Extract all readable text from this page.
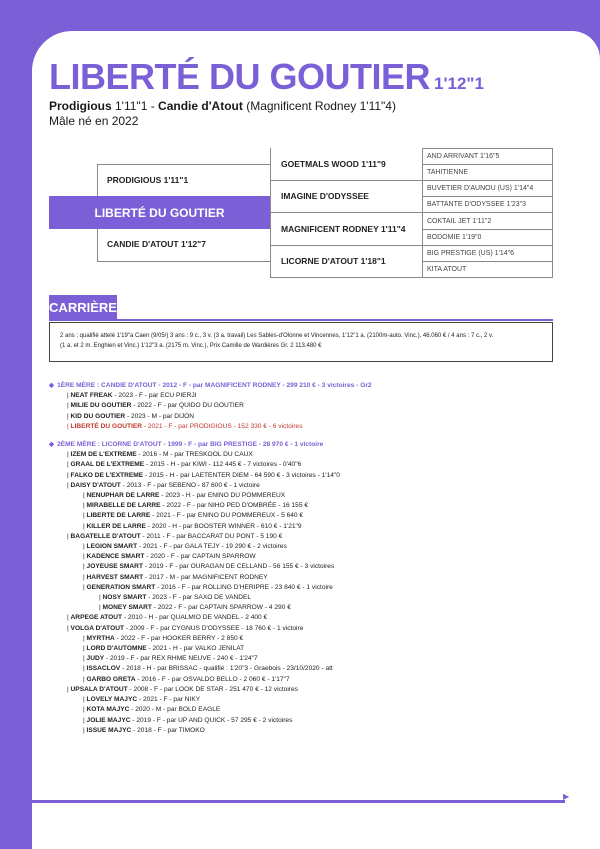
LIBERTÉ DU GOUTIER 1'12"1
Prodigious 1'11"1 - Candie d'Atout (Magnificent Rodney 1'11"4)
Mâle né en 2022
PRODIGIOUS 1'11"1
LIBERTÉ DU GOUTIER
CANDIE D'ATOUT 1'12"7
GOETMALS WOOD 1'11"9
IMAGINE D'ODYSSEE
MAGNIFICENT RODNEY 1'11"4
LICORNE D'ATOUT 1'18"1
AND ARRIVANT 1'16"5
TAHITIENNE
BUVETIER D'AUNOU (US) 1'14"4
BATTANTE D'ODYSSEE 1'23"3
COKTAIL JET 1'11"2
BODOMIE 1'19"0
BIG PRESTIGE (US) 1'14"6
KITA ATOUT
CARRIÈRE
2 ans : qualifié attelé 1'19"a Caen (9/05/) 3 ans : 9 c., 3 v. (3 a. travail) Les Sables-d'Olonne et Vincennes, 1'12"1 a. (2100m-auto. Vinc.), 46.060 € / 4 ans : 7 c., 2 v.
(1 a. et 2 m. Enghien et Vinc.) 1'12"3 a. (2175 m. Vinc.), Prix Camille de Wardières Gr. 2 113.480 €
◆ 1ÈRE MÈRE : CANDIE D'ATOUT - 2012 - F - par MAGNIFICENT RODNEY - 299 210 € - 3 victoires - Gr2
| NEAT FREAK - 2023 - F - par ECU PIERJI
| MILIE DU GOUTIER - 2022 - F - par QUIDO DU GOUTIER
| KID DU GOUTIER - 2023 - M - par DIJON
| LIBERTÉ DU GOUTIER - 2021 - F - par PRODIGIOUS - 152 330 € - 6 victoires
◆ 2ÈME MÈRE : LICORNE D'ATOUT - 1999 - F - par BIG PRESTIGE - 28 970 € - 1 victoire
| IZEM DE L'EXTREME - 2016 - M - par TRESKOOL DU CAUX
| GRAAL DE L'EXTREME - 2015 - H - par KIWI - 112 445 € - 7 victoires - 0'40"6
| FALKO DE L'EXTREME - 2015 - H - par LAETENTER DIEM - 64 590 € - 3 victoires - 1'14"0
| DAISY D'ATOUT - 2013 - F - par SEBENO - 87 600 € - 1 victoire
| NENUPHAR DE LARRE - 2023 - H - par ENINO DU POMMEREUX
| MIRABELLE DE LARRE - 2022 - F - par NIHO PED D'OMBRÉE - 16 155 €
| LIBERTE DE LARRE - 2021 - F - par ENINO DU POMMEREUX - 5 640 €
| KILLER DE LARRE - 2020 - H - par BOOSTER WINNER - 610 € - 1'21"9
| BAGATELLE D'ATOUT - 2011 - F - par BACCARAT DU PONT - 5 190 €
| LEGION SMART - 2021 - F - par GALA TEJY - 19 290 € - 2 victoires
| KADENCE SMART - 2020 - F - par CAPTAIN SPARROW
| JOYEUSE SMART - 2019 - F - par OURAGAN DE CELLAND - 56 155 € - 3 victoires
| HARVEST SMART - 2017 - M - par MAGNIFICENT RODNEY
| GENERATION SMART - 2016 - F - par ROLLING D'HERIPRE - 23 840 € - 1 victoire
| NOSY SMART - 2023 - F - par SAXO DE VANDEL
| MONEY SMART - 2022 - F - par CAPTAIN SPARROW - 4 290 €
| ARPEGE ATOUT - 2010 - H - par QUALMIO DE VANDEL - 2 400 €
| VOLGA D'ATOUT - 2009 - F - par CYGNUS D'ODYSSEE - 18 760 € - 1 victoire
| MYRTHA - 2022 - F - par HOOKER BERRY - 2 850 €
| LORD D'AUTOMNE - 2021 - H - par VALKO JENILAT
| JUDY - 2019 - F - par REX RHME NEUVE - 240 € - 1'24"7
| ISSACLOV - 2018 - H - par BRISSAC - qualifié : 1'20"3 - Graebois - 23/10/2020 - att
| GARBO GRETA - 2016 - F - par OSVALDO BELLO - 2 060 € - 1'17"7
| UPSALA D'ATOUT - 2008 - F - par LOOK DE STAR - 251 470 € - 12 victoires
| LOVELY MAJYC - 2021 - F - par NIKY
| KOTA MAJYC - 2020 - M - par BOLD EAGLE
| JOLIE MAJYC - 2019 - F - par UP AND QUICK - 57 295 € - 2 victoires
| ISSUE MAJYC - 2018 - F - par TIMOKO
▶
